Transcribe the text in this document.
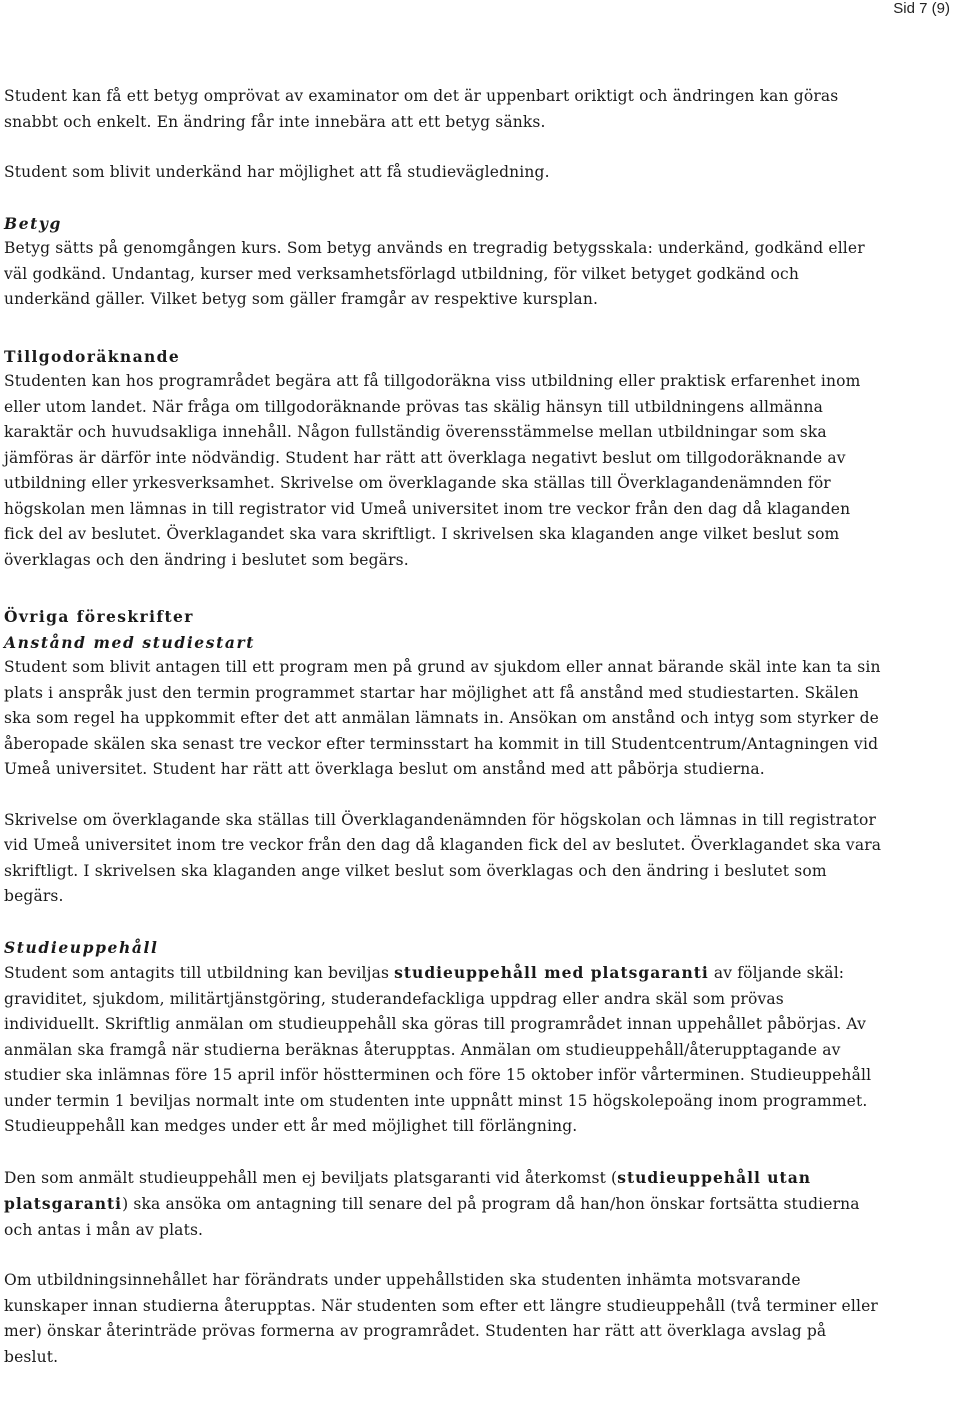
Sid 7 (9)

Student kan få ett betyg omprövat av examinator om det är uppenbart oriktigt och ändringen kan göras snabbt och enkelt. En ändring får inte innebära att ett betyg sänks.

Student som blivit underkänd har möjlighet att få studievägledning.

Betyg

Betyg sätts på genomgången kurs. Som betyg används en tregradig betygsskala: underkänd, godkänd eller väl godkänd. Undantag, kurser med verksamhetsförlagd utbildning, för vilket betyget godkänd och underkänd gäller. Vilket betyg som gäller framgår av respektive kursplan.

Tillgodoräknande

Studenten kan hos programrådet begära att få tillgodoräkna viss utbildning eller praktisk erfarenhet inom eller utom landet. När fråga om tillgodoräknande prövas tas skälig hänsyn till utbildningens allmänna karaktär och huvudsakliga innehåll. Någon fullständig överensstämmelse mellan utbildningar som ska jämföras är därför inte nödvändig. Student har rätt att överklaga negativt beslut om tillgodoräknande av utbildning eller yrkesverksamhet. Skrivelse om överklagande ska ställas till Överklagandenämnden för högskolan men lämnas in till registrator vid Umeå universitet inom tre veckor från den dag då klaganden fick del av beslutet. Överklagandet ska vara skriftligt. I skrivelsen ska klaganden ange vilket beslut som överklagas och den ändring i beslutet som begärs.

Övriga föreskrifter

Anstånd med studiestart

Student som blivit antagen till ett program men på grund av sjukdom eller annat bärande skäl inte kan ta sin plats i anspråk just den termin programmet startar har möjlighet att få anstånd med studiestarten. Skälen ska som regel ha uppkommit efter det att anmälan lämnats in. Ansökan om anstånd och intyg som styrker de åberopade skälen ska senast tre veckor efter terminsstart ha kommit in till Studentcentrum/Antagningen vid Umeå universitet. Student har rätt att överklaga beslut om anstånd med att påbörja studierna.

Skrivelse om överklagande ska ställas till Överklagandenämnden för högskolan och lämnas in till registrator vid Umeå universitet inom tre veckor från den dag då klaganden fick del av beslutet. Överklagandet ska vara skriftligt. I skrivelsen ska klaganden ange vilket beslut som överklagas och den ändring i beslutet som begärs.

Studieuppehåll

Student som antagits till utbildning kan beviljas studieuppehåll med platsgaranti av följande skäl: graviditet, sjukdom, militärtjänstgöring, studerandefackliga uppdrag eller andra skäl som prövas individuellt. Skriftlig anmälan om studieuppehåll ska göras till programrådet innan uppehållet påbörjas. Av anmälan ska framgå när studierna beräknas återupptas. Anmälan om studieuppehåll/återupptagande av studier ska inlämnas före 15 april inför höstterminen och före 15 oktober inför vårterminen. Studieuppehåll under termin 1 beviljas normalt inte om studenten inte uppnått minst 15 högskolepoäng inom programmet. Studieuppehåll kan medges under ett år med möjlighet till förlängning.

Den som anmält studieuppehåll men ej beviljats platsgaranti vid återkomst (studieuppehåll utan platsgaranti) ska ansöka om antagning till senare del på program då han/hon önskar fortsätta studierna och antas i mån av plats.

Om utbildningsinnehållet har förändrats under uppehållstiden ska studenten inhämta motsvarande kunskaper innan studierna återupptas. När studenten som efter ett längre studieuppehåll (två terminer eller mer) önskar återinträde prövas formerna av programrådet. Studenten har rätt att överklaga avslag på beslut.
